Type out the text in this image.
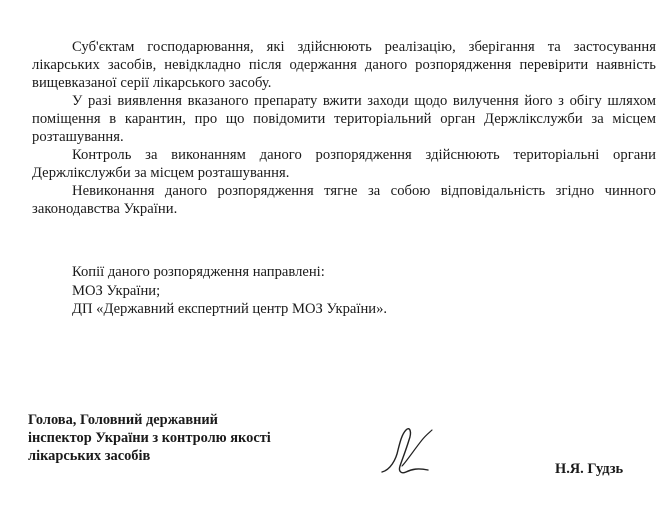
Суб'єктам господарювання, які здійснюють реалізацію, зберігання та застосування лікарських засобів, невідкладно після одержання даного розпорядження перевірити наявність вищевказаної серії лікарського засобу.

У разі виявлення вказаного препарату вжити заходи щодо вилучення його з обігу шляхом поміщення в карантин, про що повідомити територіальний орган Держлікслужби за місцем розташування.

Контроль за виконанням даного розпорядження здійснюють територіальні органи Держлікслужби за місцем розташування.

Невиконання даного розпорядження тягне за собою відповідальність згідно чинного законодавства України.

Копії даного розпорядження направлені:
МОЗ України;
ДП «Державний експертний центр МОЗ України».
Голова, Головний державний
інспектор України з контролю якості
лікарських засобів
Н.Я. Гудзь
